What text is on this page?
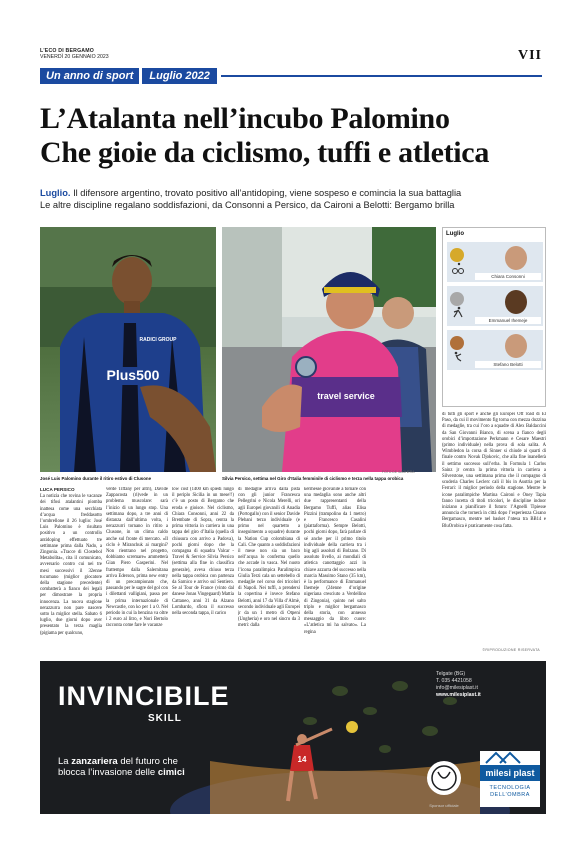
L'ECO DI BERGAMO
VENERDÌ 20 GENNAIO 2023	VII
Un anno di sport	Luglio 2022
L’Atalanta nell’incubo Palomino
Che gioie da ciclismo, tuffi e atletica
Luglio. Il difensore argentino, trovato positivo all’antidoping, viene sospeso e comincia la sua battaglia
Le altre discipline regalano soddisfazioni, da Consonni a Persico, da Caironi a Belotti: Bergamo brilla
Plus500
RADICI GROUP
travel service
José Luis Palomino durante il ritiro estivo di Clusone	Silvia Persico, settima nel Giro d’Italia femminile di ciclismo e terza nella tappa orobica
FOTO DE SAGHERA
Luglio
Chiara Consonni
Emmanuel Ihemeje
Stefano Belotti
LUCA PERSICO
La notizia che rovina le vacanze dei tifosi atalantini piomba inattesa come una secchiata d’acqua freddasotto l’ombrellone il 26 luglio: José Luis Palomino è risultato positivo a un controllo antidoping effettuato tre settimane prima dalla Nado, a Zingonia. «Tracce di Clostebol Metabolita», cita il comunicato, avversario contro cui nei tre mesi successivi il 32enne tucumano (miglior giocatore della stagione precedente) combatterà a fianco dei legali per dimostrare la propria innocenza. La nuova stagione nerazzurra non pare nascere sotto la miglior stella. Sabato 6 luglio, due giorni dopo aver presentato la terza maglia (pigiama per qualcuno,
verde Tiffany per altri), Davide Zappacosta (ri)vede in un problema muscolare: sarà l’inizio di un lungo stop. Una settimana dopo, a tre anni di distanza dall’ultima volta, i nerazzurri tornano in ritiro a Clusone, in un clima caldo anche sul fronte di mercato. «Il ciclo è Miranchuk ai margini? Non rientrano nel progetto, dobbiamo scremare» ammetterà Gian Piero Gasperini. Nel frattempo dalla Salernitana arriva Ederson, prima new entry di un precampionato che, passando per le sagre del gol con i dilettanti valligiani, passa per la prima internazionale di Newcastle, con ko per 1 a 0. Nel periodo in cui la benzina va oltre i 2 euro al litro, e Nori Bertolo racconta come fare le vacanze
low cost (1400 km spiedi lungo il periplo Sicilia in un mese!!) c’è un posto di Bergamo che eroda e gioisce. Nel ciclismo, Chiara Consonni, anni 22 da Brembate di Sopra, centra la prima vittoria in carriera in una tappa del giro d’Italia (quella di chiusura con arrivo a Padova), pochi giorni dopo che la compagna di squadra Valcar - Travel & Service Silvia Persico (settima alla fine in classifica generale), aveva chiuso terza nella tappa orobica con partenza da Sarnico e arrivo sul Sentiero. Se al Tour de France (vinto dal danese Jonas Vingegaard) Mattia Cattaneo, anni 31 da Alzano Lombardo, sfiora il successo nella seconda tappa, il carico
di medaglie arriva dalla pista con gli junior Francesca Pellegrini e Nicola Merelli, ori agli Europei giovanili di Anadia (Portogallo) con il senior Davide Plebani terzo individuale (e primo nel quartetto a inseguimento a squadre) durante la Nation Cup colombiana di Cali. Che quanto a soddisfazioni il mese non sia un baco nell’acqua lo conferma quello che accade in vasca. Nel nuoto l’icona paralimpica Paralimpica Giulia Terzi cala un settebello di medaglie nel corso dei tricolori di Napoli. Nei tuffi, a prendersi la copertina è invece Stefano Belotti, anni 17 da Villa d’Almè, secondo individuale agli Europei jr da un 1 metro di Otpeni (Ungheria) e oro nel sincro da 3 metri: dalla
kermesse giovanile a tornare con una medaglia sono anche altri due rappresentanti della Bergamo Tuffi, alias Elisa Pizzini (trampolino da 1 metro) e Francesco Casalini (piattaforma). Sempre Belotti, pochi giorni dopo, farà parlare di sé anche per il primo titolo individuale della carriera tra i big agli assoluti di Bolzano. Di assoluto livello, ai mondiali di atletica canottaggio azzi in chiave azzurra del successo nella marcia Massimo Stano (35 km), è la performance di Emmanuel Ihemeje (24enne d’origine nigeriana cresciuto a Verdellino di Zingonia), quinto nel salto triplo e miglior bergamasco della storia, con annesso messaggio da libro cuore: «L’atletica mi ha salvato». La regina
di tutti gli sport è anche gli Europei Off road di El Paso, da cui il movimento fig torna con mezza dozzina di medaglie, tra cui l’oro a squadre di Alex Baldaccini da San Giovanni Bianco, di scena a fianco degli orobici d’importazione Perkmann e Cesare Maestri (primo individuale) nella prova di sola salita. A Wimbledon la corsa di Sinner si chiude ai quarti di finale contro Novak Djokovic, che alla fine inanellerà il settimo successo sull’erba. In Formula 1 Carlos Sainz jr centra la prima vittoria in carriera a Silverstone, una settimana prima che il compagno di scuderia Charles Leclerc cali il bis in Austria per la Ferrari: il miglior periodo della stagione. Mentre le icone paralimpiche Martina Caironi e Oney Tapia fanno incetta di titoli tricolori, le discipline indoor iniziano a pianificare il futuro: l’Agnelli Tipiesse annuncia che tornerà in città dopo l’esperienza Cisano Bergamasco, mentre nel basket l’ntesa tra BB14 e BluOrobica è praticamente cosa fatta.
©RIPRODUZIONE RISERVATA
14
INVINCIBILE
SKILL
La zanzariera del futuro che blocca l’invasione delle cimici
Telgate (BG)
T. 035 4421058
info@milesiplast.it
www.milesiplast.it
Sponsor ufficiale
milesi plast
TECNOLOGIA DELL’OMBRA
